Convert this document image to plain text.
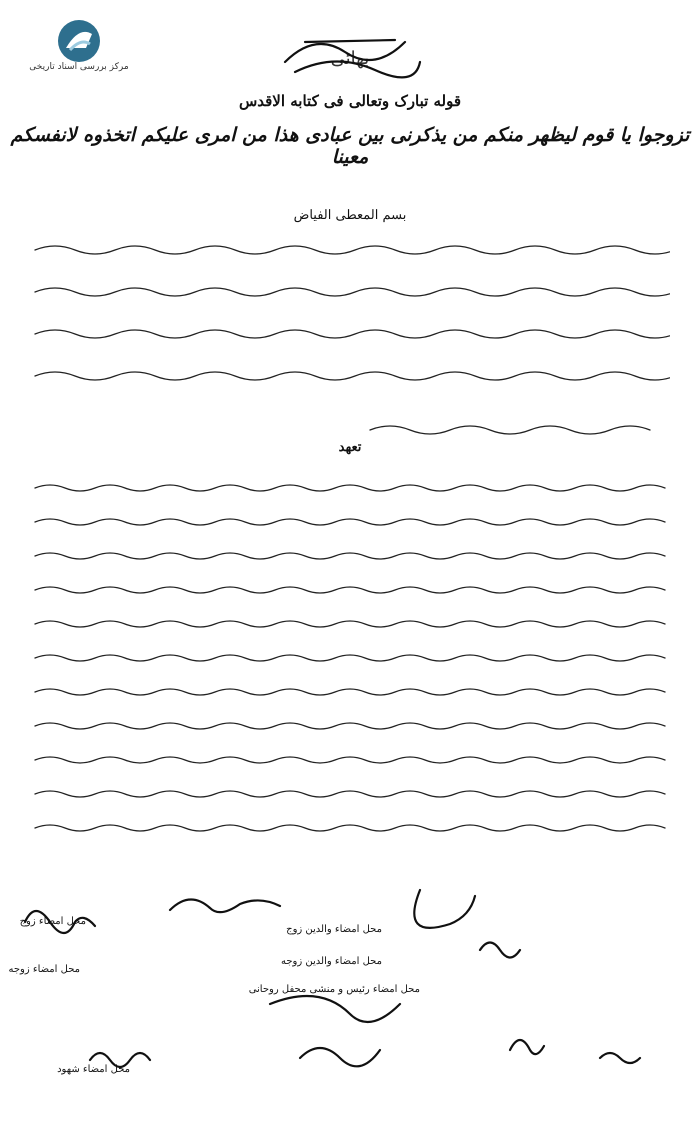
مرکز بررسی اسناد تاریخی	بهائی
قوله تبارک وتعالی فی کتابه الاقدس
تزوجوا یا قوم لیظهر منکم من یذکرنی بین عبادی هذا من امری علیکم اتخذوه لانفسکم معینا
بسم المعطی الفیاض
تعهد
محل امضاء زوج
محل امضاء زوجه
محل امضاء والدین زوج
محل امضاء والدین زوجه
محل امضاء رئیس و منشی محفل روحانی
محل امضاء شهود
